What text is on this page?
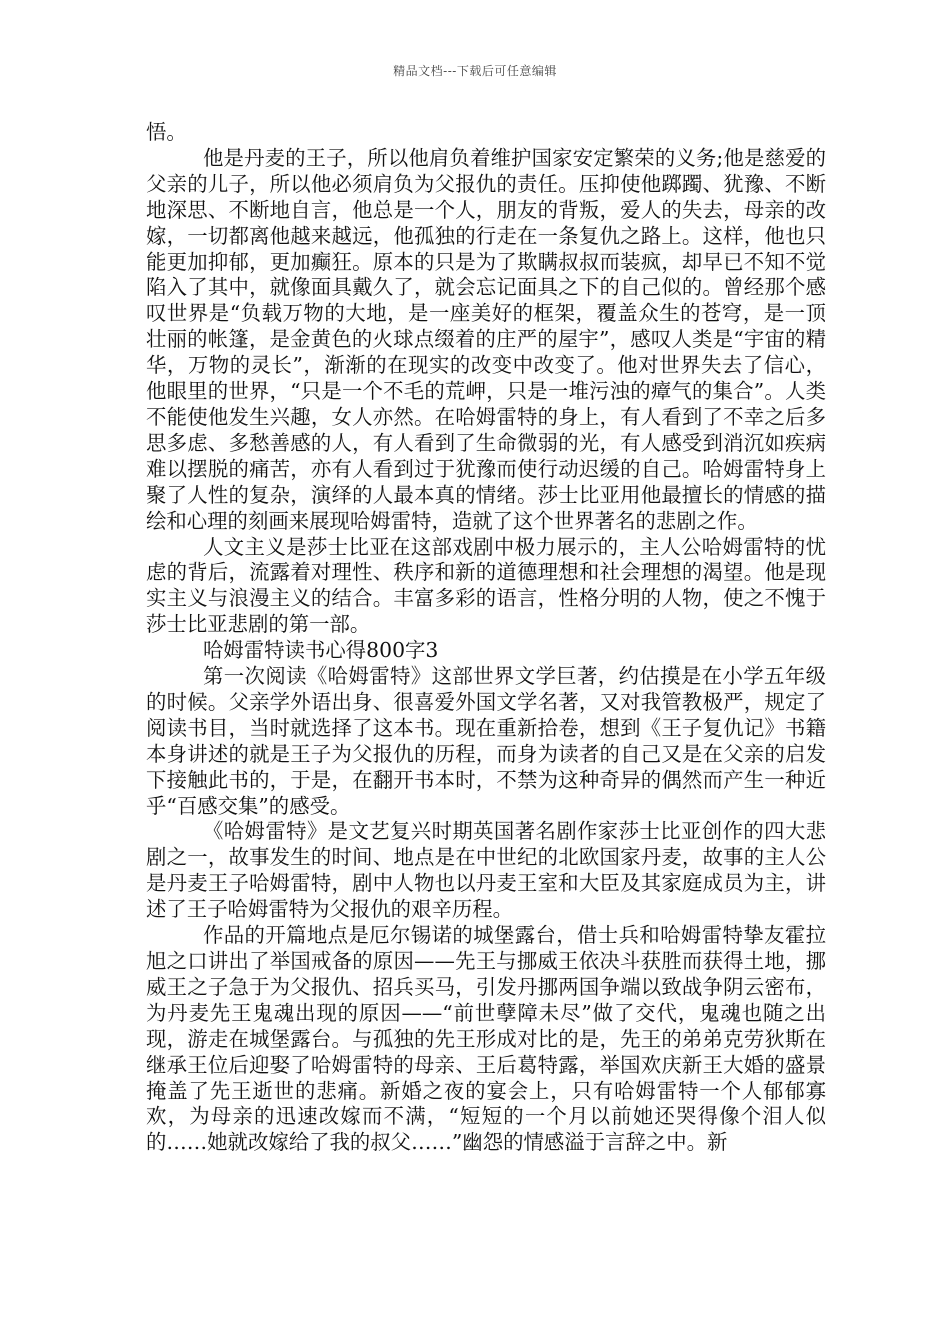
精品文档---下载后可任意编辑

悟。

他是丹麦的王子，所以他肩负着维护国家安定繁荣的义务;他是慈爱的父亲的儿子，所以他必须肩负为父报仇的责任。压抑使他踯躅、犹豫、不断地深思、不断地自言，他总是一个人，朋友的背叛，爱人的失去，母亲的改嫁，一切都离他越来越远，他孤独的行走在一条复仇之路上。这样，他也只能更加抑郁，更加癫狂。原本的只是为了欺瞒叔叔而装疯，却早已不知不觉陷入了其中，就像面具戴久了，就会忘记面具之下的自己似的。曾经那个感叹世界是“负载万物的大地，是一座美好的框架，覆盖众生的苍穹，是一顶壮丽的帐篷，是金黄色的火球点缀着的庄严的屋宇”，感叹人类是“宇宙的精华，万物的灵长”，渐渐的在现实的改变中改变了。他对世界失去了信心，他眼里的世界，“只是一个不毛的荒岬，只是一堆污浊的瘴气的集合”。人类不能使他发生兴趣，女人亦然。在哈姆雷特的身上，有人看到了不幸之后多思多虑、多愁善感的人，有人看到了生命微弱的光，有人感受到消沉如疾病难以摆脱的痛苦，亦有人看到过于犹豫而使行动迟缓的自己。哈姆雷特身上聚了人性的复杂，演绎的人最本真的情绪。莎士比亚用他最擅长的情感的描绘和心理的刻画来展现哈姆雷特，造就了这个世界著名的悲剧之作。

人文主义是莎士比亚在这部戏剧中极力展示的，主人公哈姆雷特的忧虑的背后，流露着对理性、秩序和新的道德理想和社会理想的渴望。他是现实主义与浪漫主义的结合。丰富多彩的语言，性格分明的人物，使之不愧于莎士比亚悲剧的第一部。

哈姆雷特读书心得800字3

第一次阅读《哈姆雷特》这部世界文学巨著，约估摸是在小学五年级的时候。父亲学外语出身、很喜爱外国文学名著，又对我管教极严，规定了阅读书目，当时就选择了这本书。现在重新拾卷，想到《王子复仇记》书籍本身讲述的就是王子为父报仇的历程，而身为读者的自己又是在父亲的启发下接触此书的，于是，在翻开书本时，不禁为这种奇异的偶然而产生一种近乎“百感交集”的感受。

《哈姆雷特》是文艺复兴时期英国著名剧作家莎士比亚创作的四大悲剧之一，故事发生的时间、地点是在中世纪的北欧国家丹麦，故事的主人公是丹麦王子哈姆雷特，剧中人物也以丹麦王室和大臣及其家庭成员为主，讲述了王子哈姆雷特为父报仇的艰辛历程。

作品的开篇地点是厄尔锡诺的城堡露台，借士兵和哈姆雷特挚友霍拉旭之口讲出了举国戒备的原因——先王与挪威王依决斗获胜而获得土地，挪威王之子急于为父报仇、招兵买马，引发丹挪两国争端以致战争阴云密布，为丹麦先王鬼魂出现的原因——“前世孽障未尽”做了交代，鬼魂也随之出现，游走在城堡露台。与孤独的先王形成对比的是，先王的弟弟克劳狄斯在继承王位后迎娶了哈姆雷特的母亲、王后葛特露，举国欢庆新王大婚的盛景掩盖了先王逝世的悲痛。新婚之夜的宴会上，只有哈姆雷特一个人郁郁寡欢，为母亲的迅速改嫁而不满，“短短的一个月以前她还哭得像个泪人似的……她就改嫁给了我的叔父……”幽怨的情感溢于言辞之中。新
